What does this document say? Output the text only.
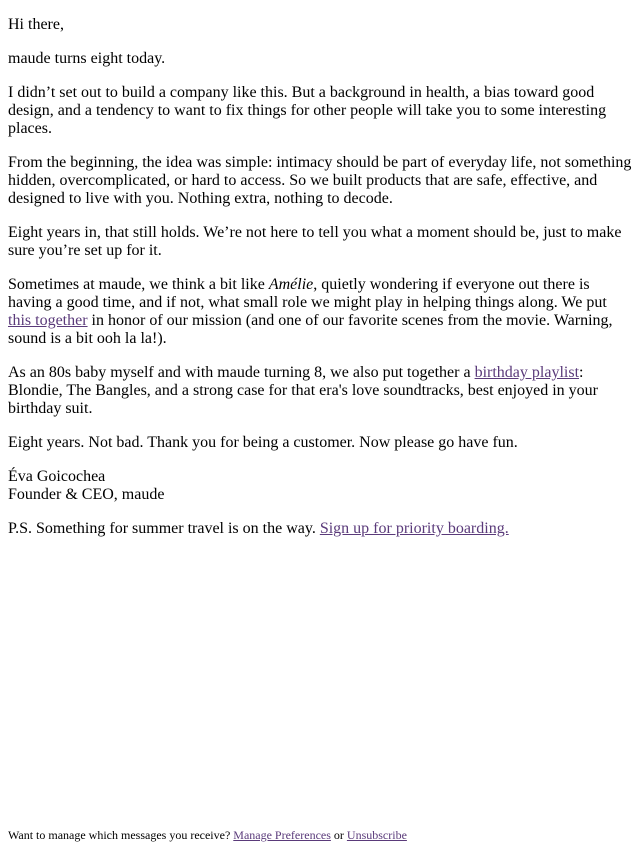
Hi there,

maude turns eight today.

I didn’t set out to build a company like this. But a background in health, a bias toward good design, and a tendency to want to fix things for other people will take you to some interesting places.

From the beginning, the idea was simple: intimacy should be part of everyday life, not something hidden, overcomplicated, or hard to access. So we built products that are safe, effective, and designed to live with you. Nothing extra, nothing to decode.

Eight years in, that still holds. We’re not here to tell you what a moment should be, just to make sure you’re set up for it.

Sometimes at maude, we think a bit like Amélie, quietly wondering if everyone out there is having a good time, and if not, what small role we might play in helping things along. We put this together in honor of our mission (and one of our favorite scenes from the movie. Warning, sound is a bit ooh la la!).

As an 80s baby myself and with maude turning 8, we also put together a birthday playlist: Blondie, The Bangles, and a strong case for that era's love soundtracks, best enjoyed in your birthday suit.

Eight years. Not bad. Thank you for being a customer. Now please go have fun.

Éva Goicochea
Founder & CEO, maude

P.S. Something for summer travel is on the way. Sign up for priority boarding.

Want to manage which messages you receive? Manage Preferences or Unsubscribe
